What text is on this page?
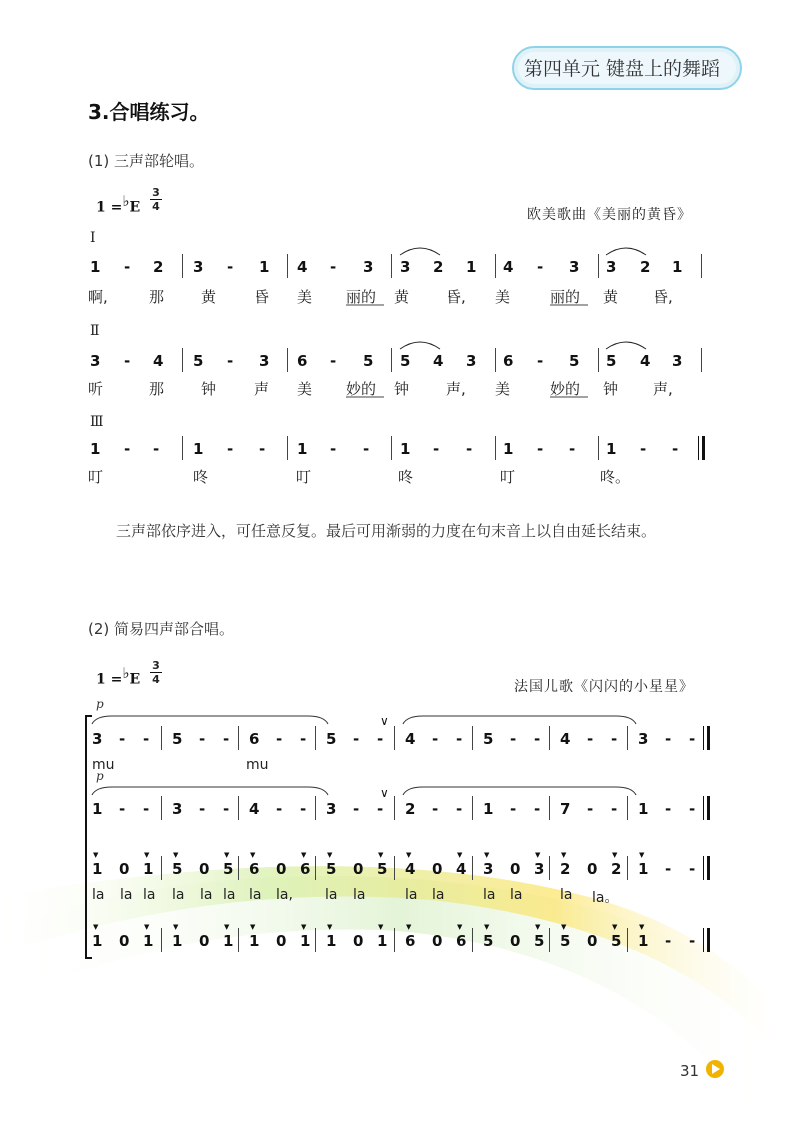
第四单元 键盘上的舞蹈
3.合唱练习。
(1) 三声部轮唱。
1 =♭E
3
4
欧美歌曲《美丽的黄昏》
Ⅰ
1 - 2 3 - 1 4 - 3 3 2 1 4 - 3 3 2 1
啊,	那 黄	昏 美 丽的 黄 昏, 美	丽的 黄 昏,
Ⅱ
3 - 4 5 - 3 6 - 5 5 4 3 6 - 5 5 4 3
听	那 钟	声 美 妙的 钟 声, 美	妙的 钟 声,
Ⅲ
1 - - 1 - - 1 - - 1 - - 1 - - 1 - -
叮	咚	叮	咚	叮	咚。
三声部依序进入，可任意反复。最后可用渐弱的力度在句末音上以自由延长结束。
(2) 简易四声部合唱。
1 =♭E
3
4	法国儿歌《闪闪的小星星》
p
p
∨
∨
3 - - 5 - - 6 - - 5 - - 4 - - 5 - - 4 - - 3 - -
mu	mu
1 - - 3 - - 4 - - 3 - - 2 - - 1 - - 7 - - 1 - -
1
▼
0 1
▼
5
▼
0 5
▼
6
▼
0 6
▼
5
▼
0 5
▼
4
▼
0 4
▼
3
▼
0 3
▼
2
▼
0 2
▼
1
▼
- -
la la la la la la la la, la la	la la	la la	la la。
1
▼
0 1
▼
1
▼
0 1
▼
1
▼
0 1
▼
1
▼
0 1
▼
6
▼
0 6
▼
5
▼
0 5
▼
5
▼
0 5
▼
1
▼
- -
31
